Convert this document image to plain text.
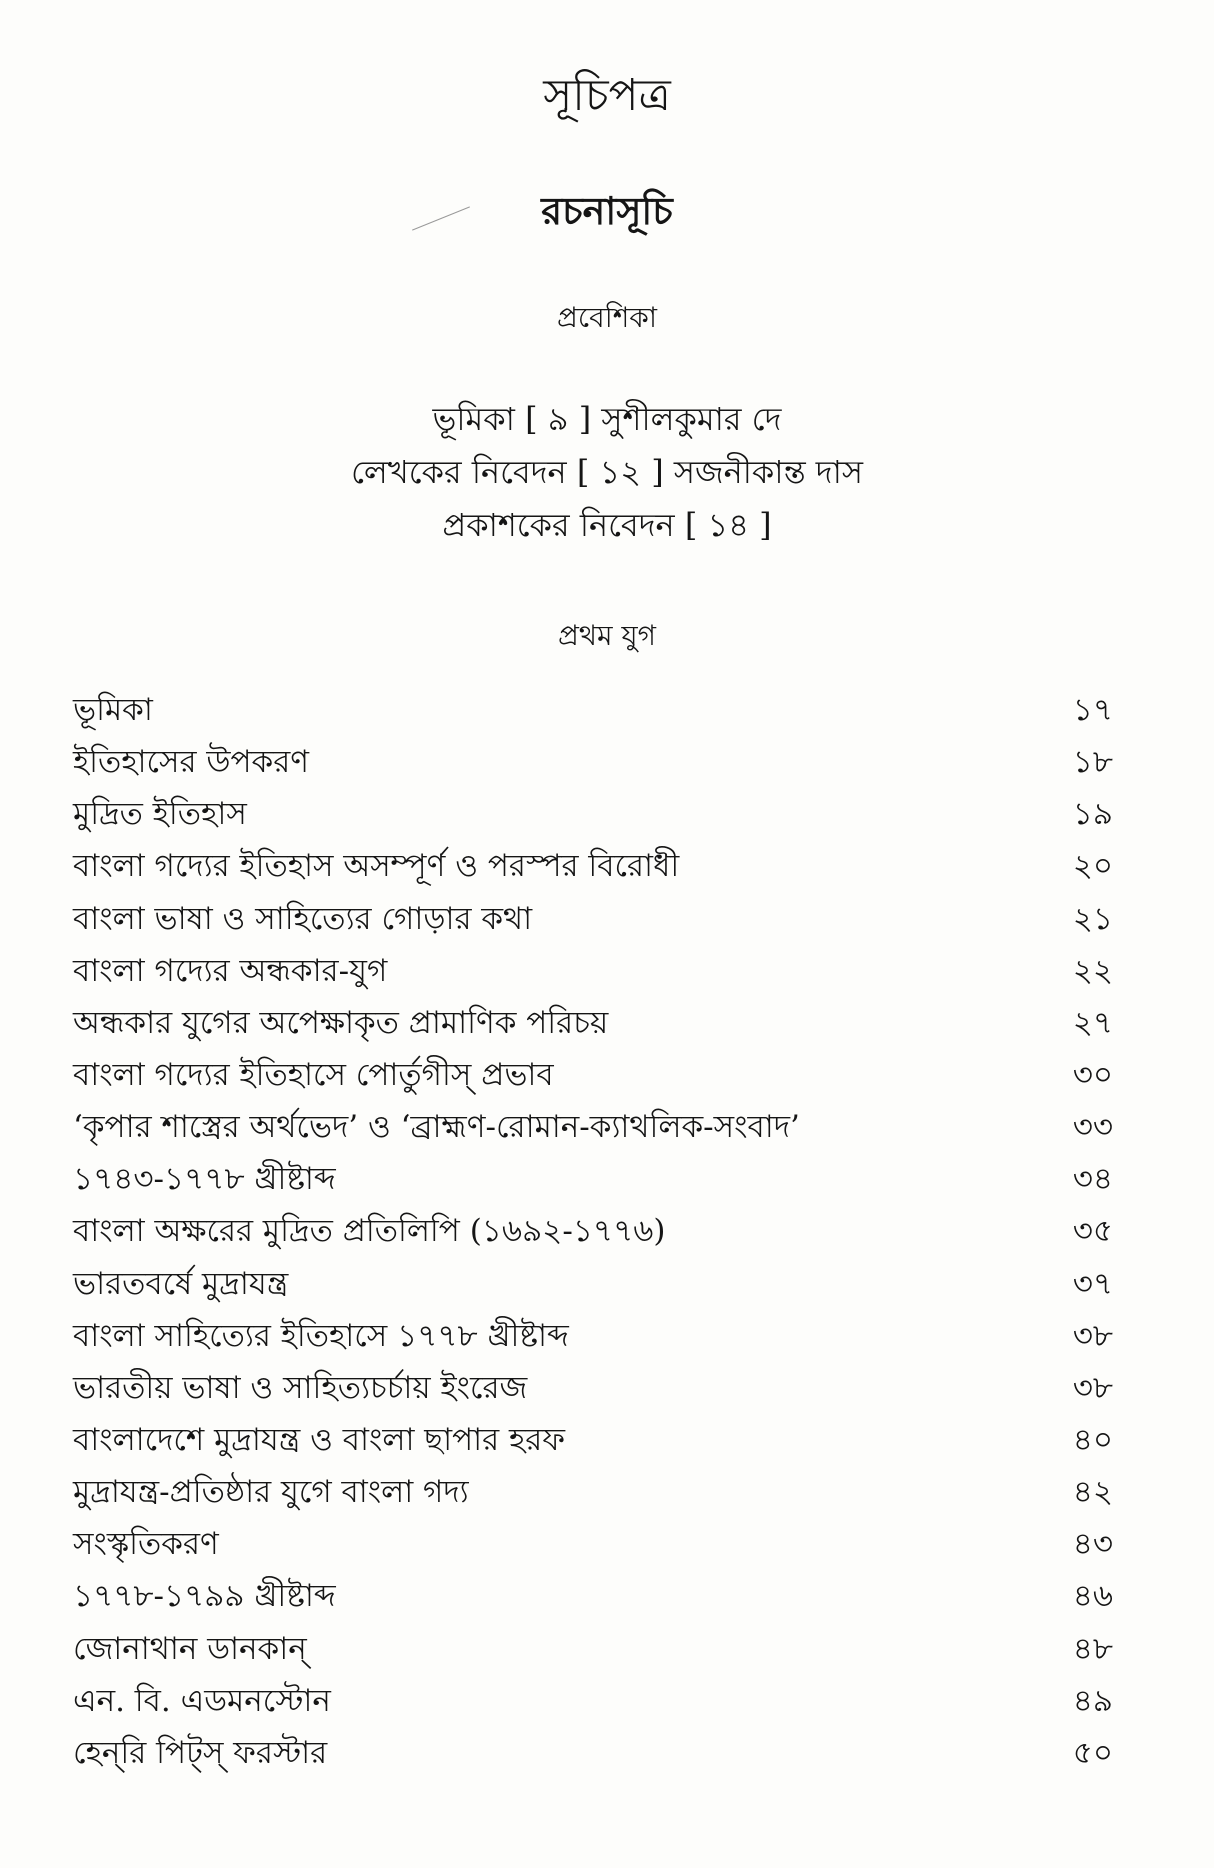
সূচিপত্র
রচনাসূচি
প্রবেশিকা
ভূমিকা [ ৯ ] সুশীলকুমার দে
লেখকের নিবেদন [ ১২ ] সজনীকান্ত দাস
প্রকাশকের নিবেদন [ ১৪ ]
প্রথম যুগ
ভূমিকা	১৭
ইতিহাসের উপকরণ	১৮
মুদ্রিত ইতিহাস	১৯
বাংলা গদ্যের ইতিহাস অসম্পূর্ণ ও পরস্পর বিরোধী	২০
বাংলা ভাষা ও সাহিত্যের গোড়ার কথা	২১
বাংলা গদ্যের অন্ধকার-যুগ	২২
অন্ধকার যুগের অপেক্ষাকৃত প্রামাণিক পরিচয়	২৭
বাংলা গদ্যের ইতিহাসে পোর্তুগীস্ প্রভাব	৩০
‘কৃপার শাস্ত্রের অর্থভেদ’ ও ‘ব্রাহ্মণ-রোমান-ক্যাথলিক-সংবাদ’	৩৩
১৭৪৩-১৭৭৮ খ্রীষ্টাব্দ	৩৪
বাংলা অক্ষরের মুদ্রিত প্রতিলিপি (১৬৯২-১৭৭৬)	৩৫
ভারতবর্ষে মুদ্রাযন্ত্র	৩৭
বাংলা সাহিত্যের ইতিহাসে ১৭৭৮ খ্রীষ্টাব্দ	৩৮
ভারতীয় ভাষা ও সাহিত্যচর্চায় ইংরেজ	৩৮
বাংলাদেশে মুদ্রাযন্ত্র ও বাংলা ছাপার হরফ	৪০
মুদ্রাযন্ত্র-প্রতিষ্ঠার যুগে বাংলা গদ্য	৪২
সংস্কৃতিকরণ	৪৩
১৭৭৮-১৭৯৯ খ্রীষ্টাব্দ	৪৬
জোনাথান ডানকান্	৪৮
এন. বি. এডমনস্টোন	৪৯
হেন্‌রি পিট্‌স্ ফরস্টার	৫০
